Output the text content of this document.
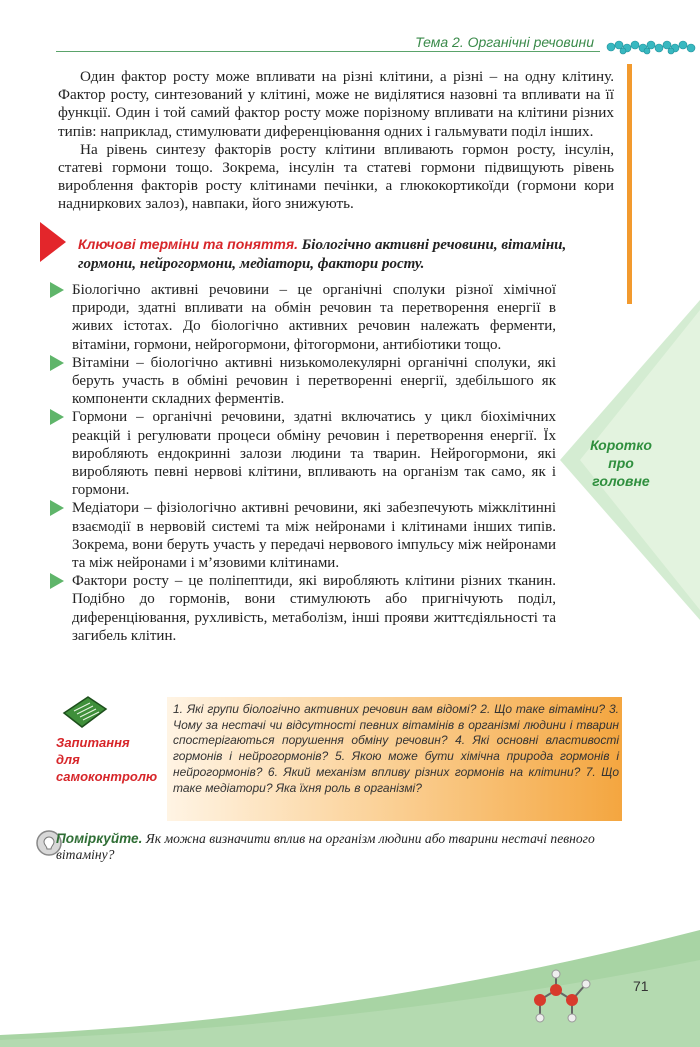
Тема 2. Органічні речовини

Один фактор росту може впливати на різні клітини, а різні – на одну клітину. Фактор росту, синтезований у клітині, може не виділятися назовні та впливати на її функції. Один і той самий фактор росту може порізному впливати на клітини різних типів: наприклад, стимулювати диференціювання одних і гальмувати поділ інших.

На рівень синтезу факторів росту клітини впливають гормон росту, інсулін, статеві гормони тощо. Зокрема, інсулін та статеві гормони підвищують рівень вироблення факторів росту клітинами печінки, а глюкокортикоїди (гормони кори надниркових залоз), навпаки, його знижують.

Ключові терміни та поняття. Біологічно активні речовини, вітаміни, гормони, нейрогормони, медіатори, фактори росту.

Біологічно активні речовини – це органічні сполуки різної хімічної природи, здатні впливати на обмін речовин та перетворення енергії в живих істотах. До біологічно активних речовин належать ферменти, вітаміни, гормони, нейрогормони, фітогормони, антибіотики тощо.

Вітаміни – біологічно активні низькомолекулярні органічні сполуки, які беруть участь в обміні речовин і перетворенні енергії, здебільшого як компоненти складних ферментів.

Гормони – органічні речовини, здатні включатись у цикл біохімічних реакцій і регулювати процеси обміну речовин і перетворення енергії. Їх виробляють ендокринні залози людини та тварин. Нейрогормони, які виробляють певні нервові клітини, впливають на організм так само, як і гормони.

Медіатори – фізіологічно активні речовини, які забезпечують міжклітинні взаємодії в нервовій системі та між нейронами і клітинами інших типів. Зокрема, вони беруть участь у передачі нервового імпульсу між нейронами та між нейронами і м’язовими клітинами.

Фактори росту – це поліпептиди, які виробляють клітини різних тканин. Подібно до гормонів, вони стимулюють або пригнічують поділ, диференціювання, рухливість, метаболізм, інші прояви життєдіяльності та загибель клітин.

Коротко
про
головне
Запитання для
самоконтролю
1. Які групи біологічно активних речовин вам відомі? 2. Що таке вітаміни? 3. Чому за нестачі чи відсутності певних вітамінів в організмі людини і тварин спостерігаються порушення обміну речовин? 4. Які основні властивості гормонів і нейрогормонів? 5. Якою може бути хімічна природа гормонів і нейрогормонів? 6. Який механізм впливу різних гормонів на клітини? 7. Що таке медіатори? Яка їхня роль в організмі?
Поміркуйте. Як можна визначити вплив на організм людини або тварини нестачі певного вітаміну?
71
